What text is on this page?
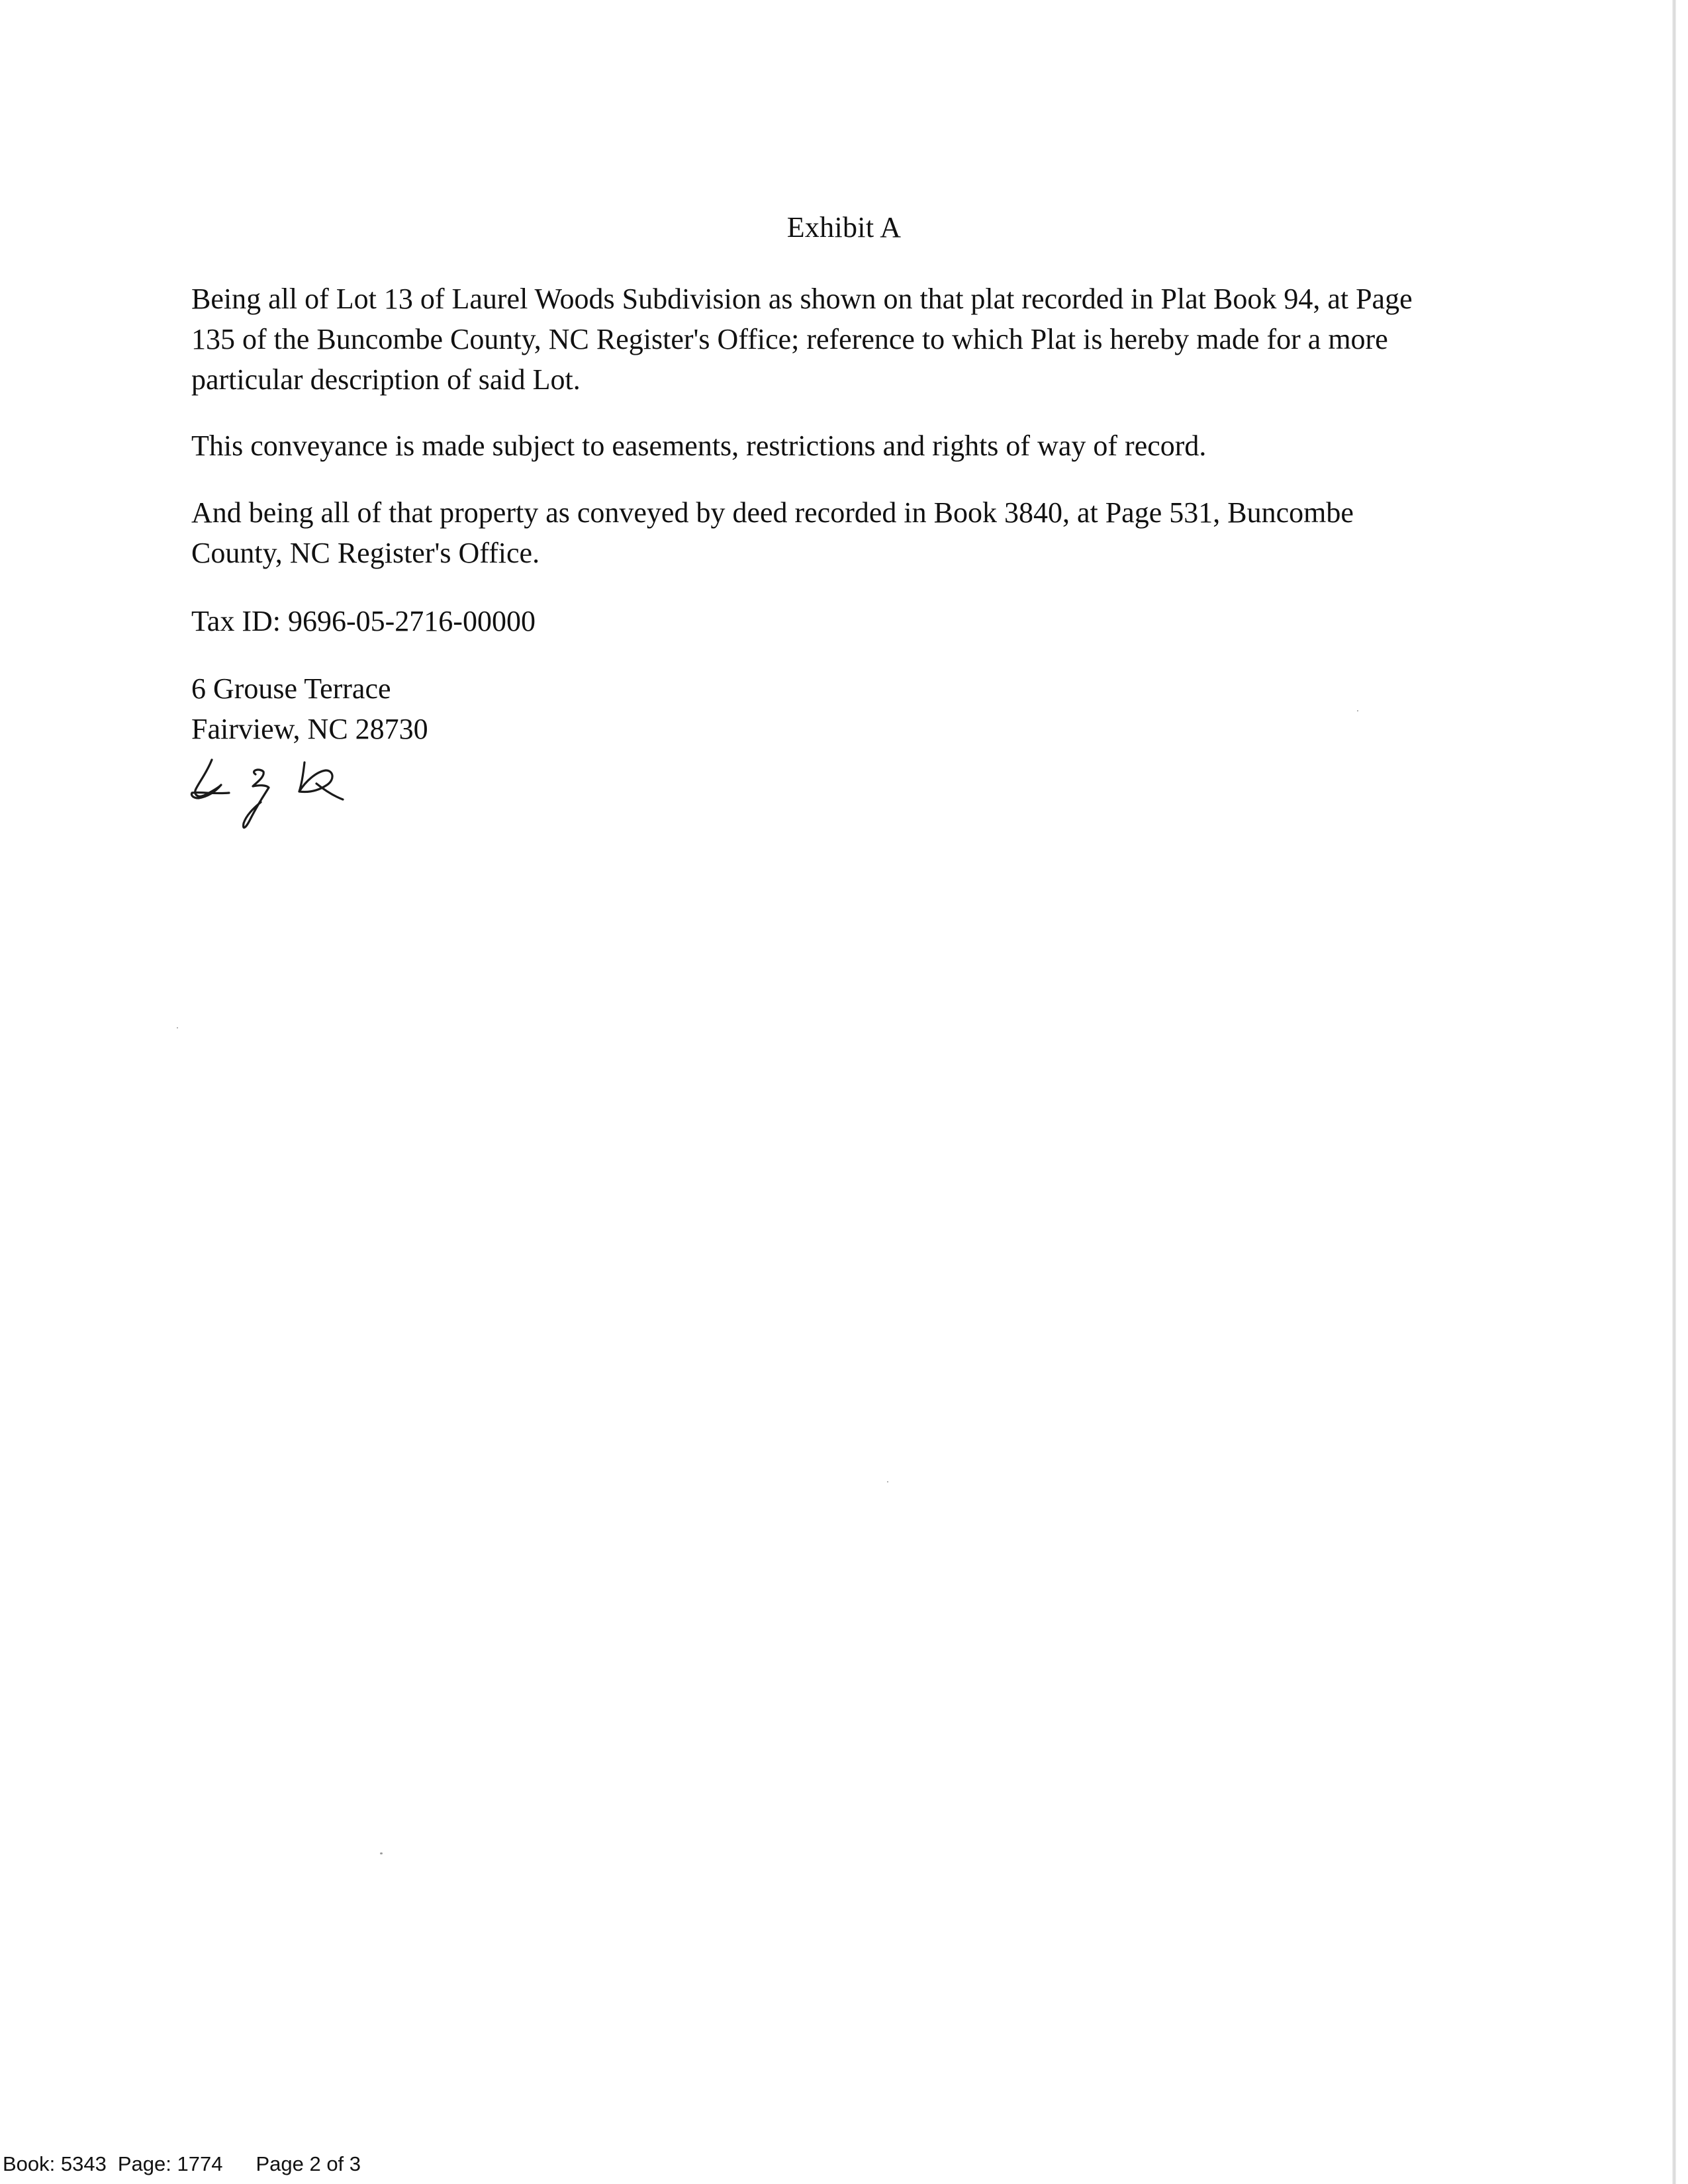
Exhibit A
Being all of Lot 13 of Laurel Woods Subdivision as shown on that plat recorded in Plat Book 94, at Page
135 of the Buncombe County, NC Register's Office; reference to which Plat is hereby made for a more
particular description of said Lot.
This conveyance is made subject to easements, restrictions and rights of way of record.
And being all of that property as conveyed by deed recorded in Book 3840, at Page 531, Buncombe
County, NC Register's Office.
Tax ID: 9696-05-2716-00000
6 Grouse Terrace
Fairview, NC 28730
Book: 5343 Page: 1774 Page 2 of 3
